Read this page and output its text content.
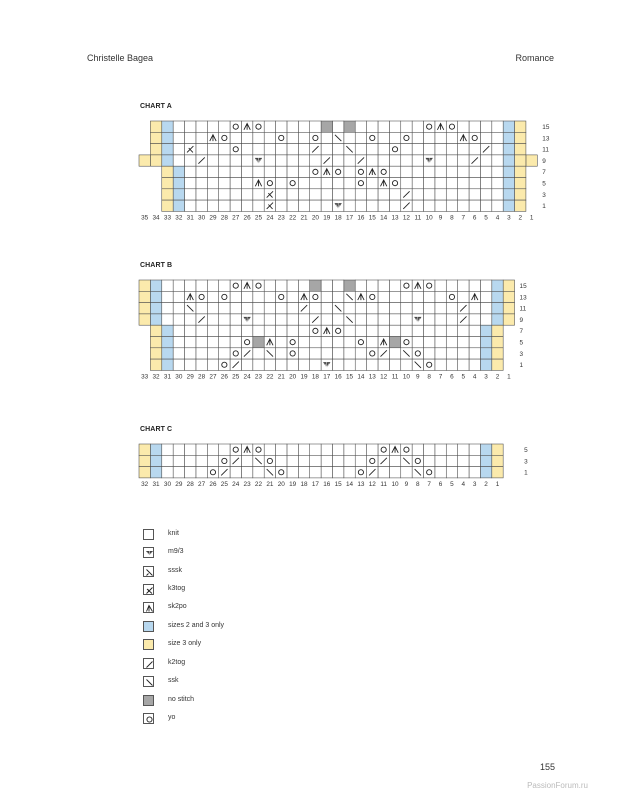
Christelle Bagea	Romance
CHART A
15
13
11
9
7
5
3
1
35 34 33 32 31 30 29 28 27 26 25 24 23 22 21 20 19 18 17 16 15 14 13 12 11 10 9 8 7 6 5 4 3 2 1
CHART B
15
13
11
9
7
5
3
1
33 32 31 30 29 28 27 26 25 24 23 22 21 20 19 18 17 16 15 14 13 12 11 10 9 8 7 6 5 4 3 2 1
CHART C
5
3
1
32 31 30 29 28 27 26 25 24 23 22 21 20 19 18 17 16 15 14 13 12 11 10 9 8 7 6 5 4 3 2 1
knit
m9/3
sssk
k3tog
sk2po
sizes 2 and 3 only
size 3 only
k2tog
ssk
no stitch
yo
155
PassionForum.ru
